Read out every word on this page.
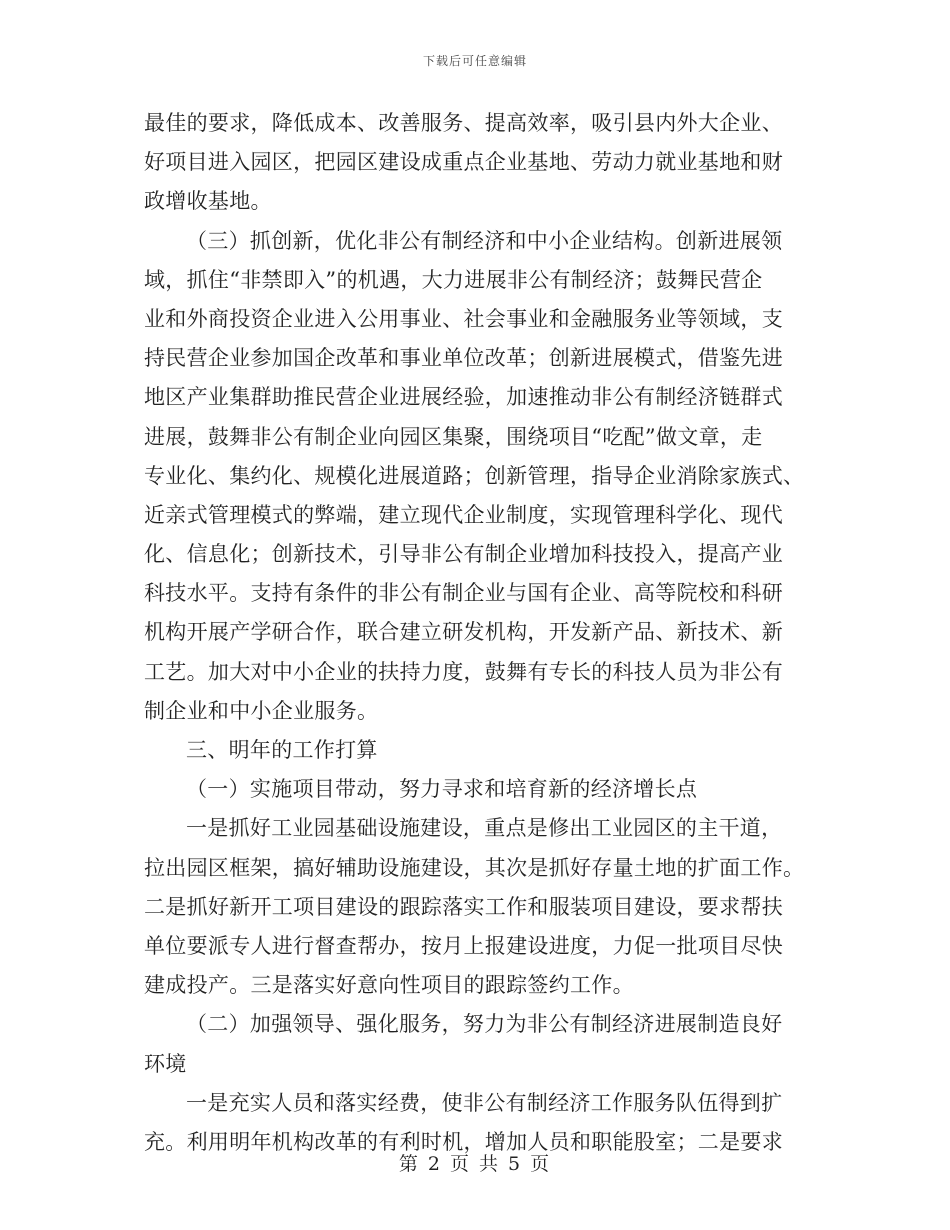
下载后可任意编辑
最佳的要求，降低成本、改善服务、提高效率，吸引县内外大企业、
好项目进入园区，把园区建设成重点企业基地、劳动力就业基地和财
政增收基地。
（三）抓创新，优化非公有制经济和中小企业结构。创新进展领
域，抓住“非禁即入”的机遇，大力进展非公有制经济；鼓舞民营企
业和外商投资企业进入公用事业、社会事业和金融服务业等领域，支
持民营企业参加国企改革和事业单位改革；创新进展模式，借鉴先进
地区产业集群助推民营企业进展经验，加速推动非公有制经济链群式
进展，鼓舞非公有制企业向园区集聚，围绕项目“吃配”做文章，走
专业化、集约化、规模化进展道路；创新管理，指导企业消除家族式、
近亲式管理模式的弊端，建立现代企业制度，实现管理科学化、现代
化、信息化；创新技术，引导非公有制企业增加科技投入，提高产业
科技水平。支持有条件的非公有制企业与国有企业、高等院校和科研
机构开展产学研合作，联合建立研发机构，开发新产品、新技术、新
工艺。加大对中小企业的扶持力度，鼓舞有专长的科技人员为非公有
制企业和中小企业服务。
三、明年的工作打算
（一）实施项目带动，努力寻求和培育新的经济增长点
一是抓好工业园基础设施建设，重点是修出工业园区的主干道，
拉出园区框架，搞好辅助设施建设，其次是抓好存量土地的扩面工作。
二是抓好新开工项目建设的跟踪落实工作和服装项目建设，要求帮扶
单位要派专人进行督查帮办，按月上报建设进度，力促一批项目尽快
建成投产。三是落实好意向性项目的跟踪签约工作。
（二）加强领导、强化服务，努力为非公有制经济进展制造良好
环境
一是充实人员和落实经费，使非公有制经济工作服务队伍得到扩
充。利用明年机构改革的有利时机，增加人员和职能股室；二是要求
第 2 页 共 5 页
